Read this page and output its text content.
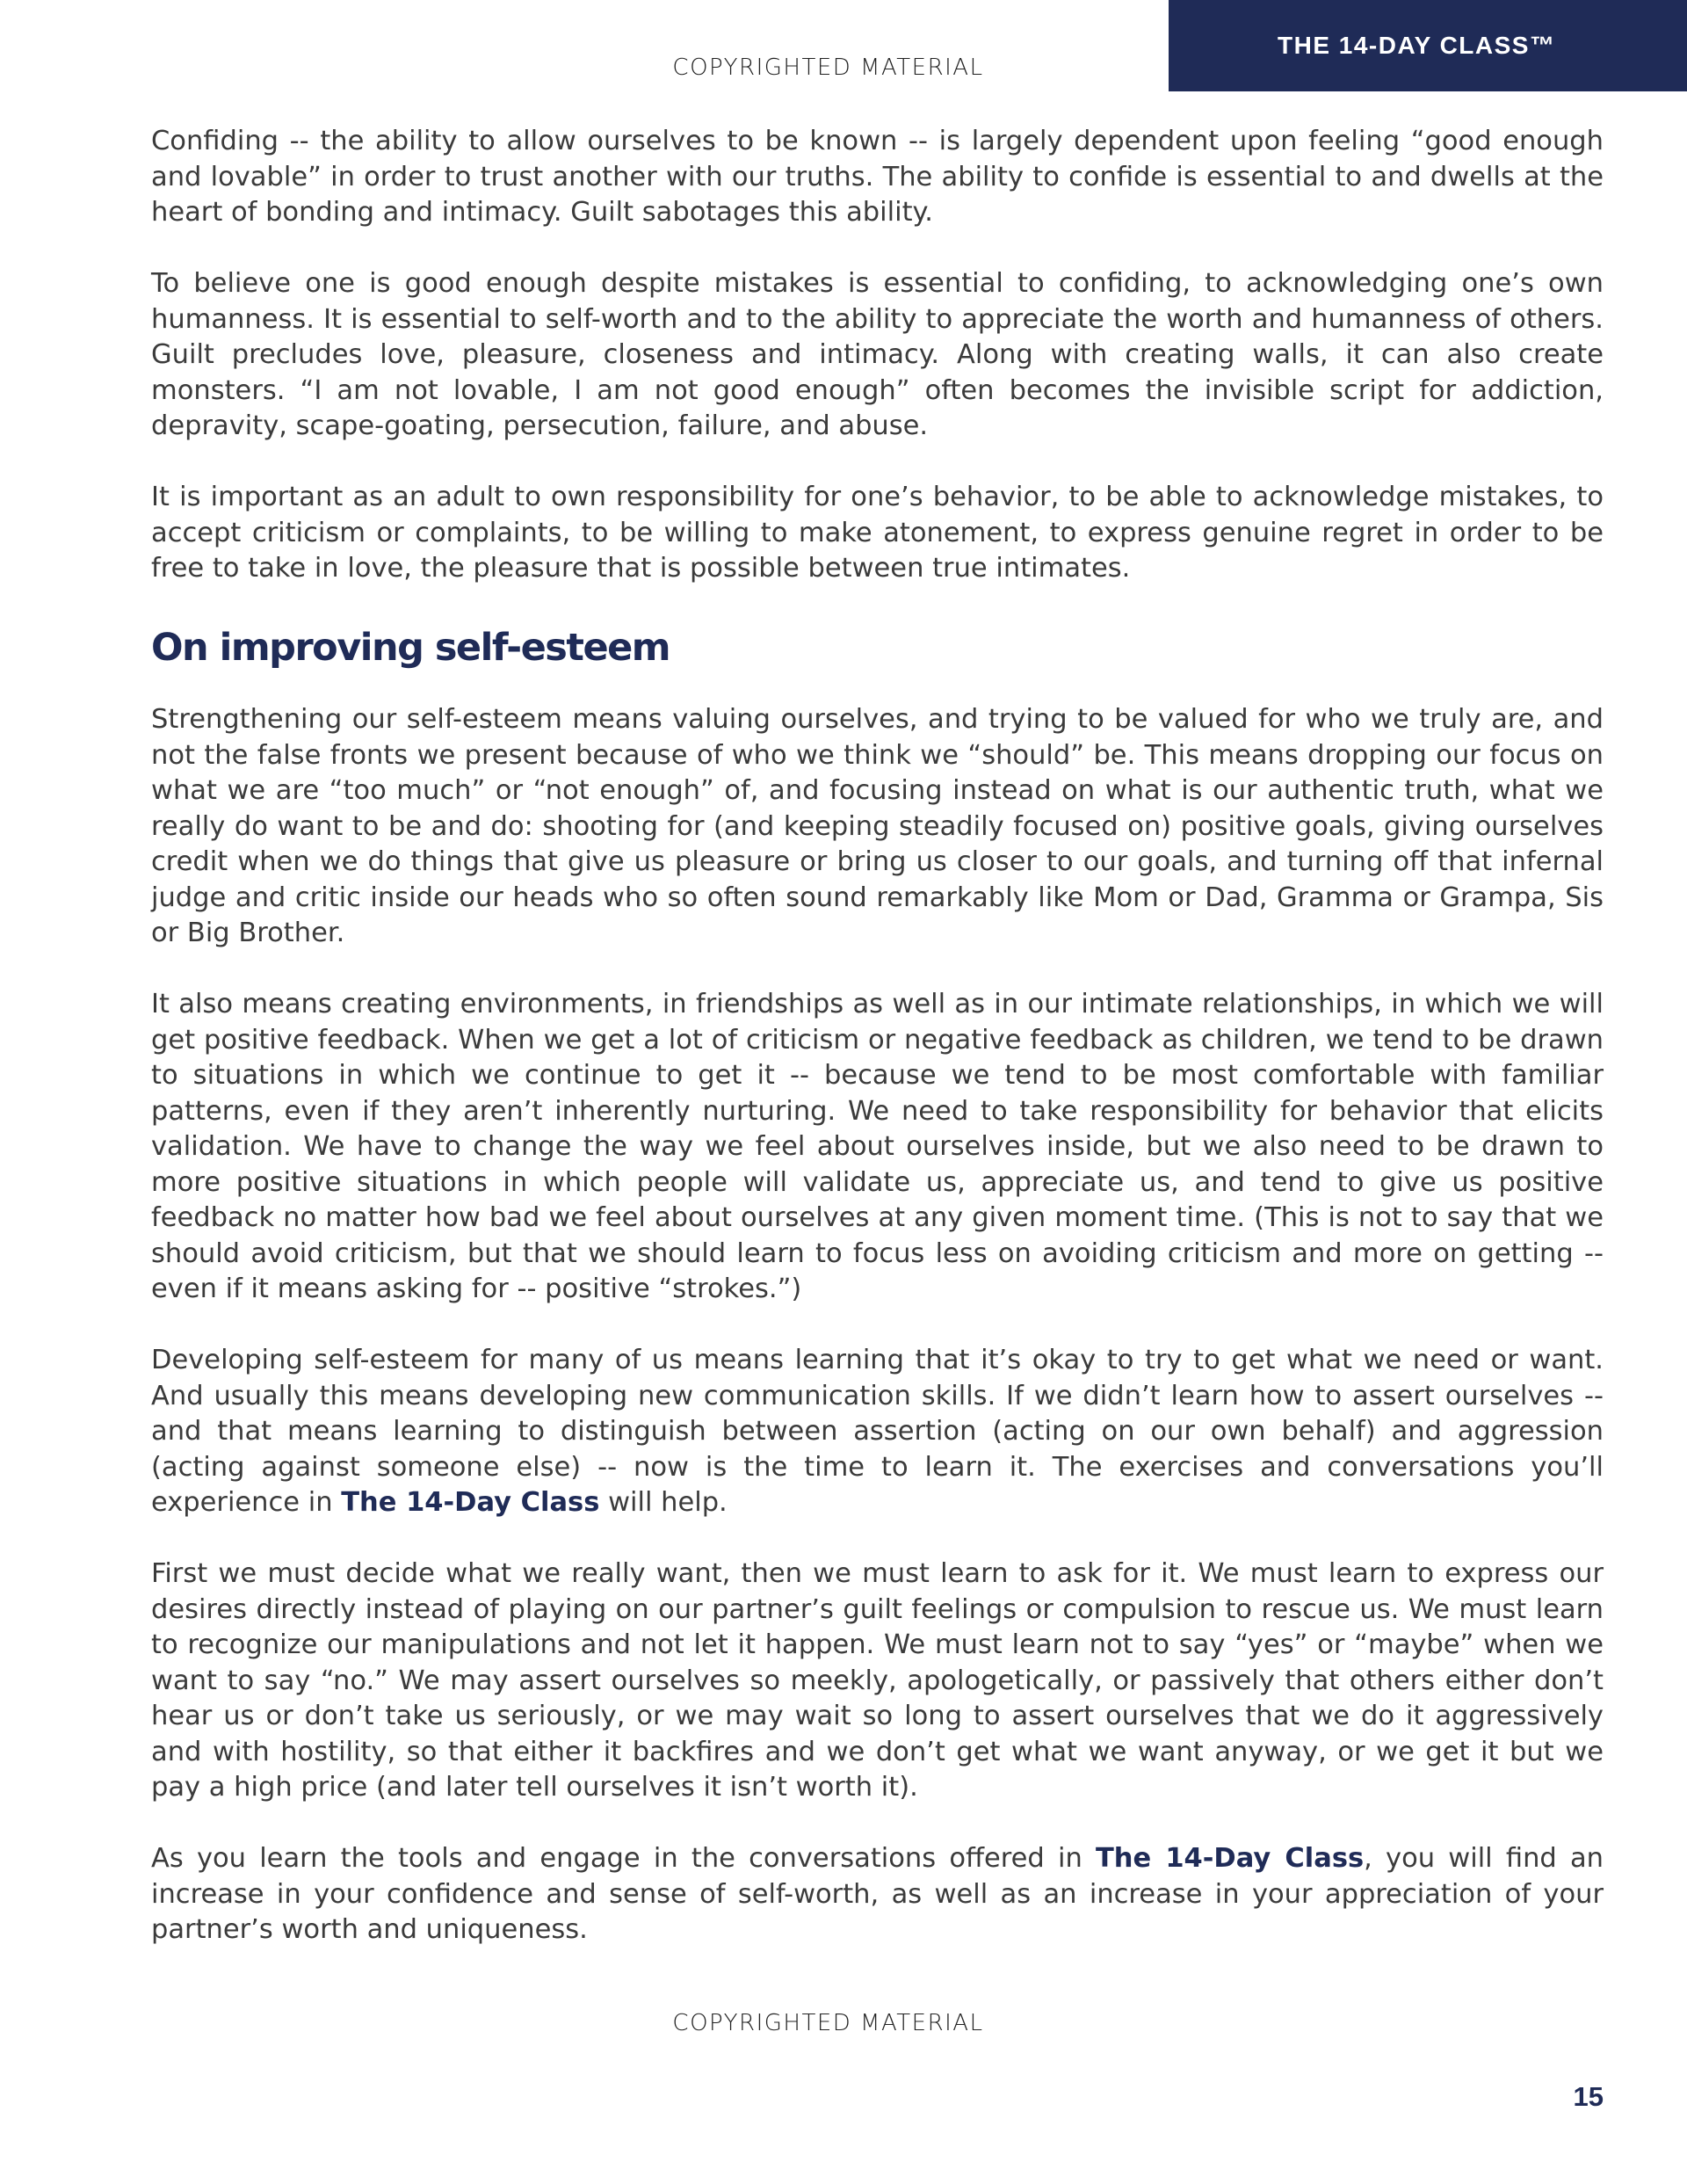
THE 14-DAY CLASS™
COPYRIGHTED MATERIAL

Confiding -- the ability to allow ourselves to be known -- is largely dependent upon feeling “good enough and lovable” in order to trust another with our truths. The ability to confide is essential to and dwells at the heart of bonding and intimacy. Guilt sabotages this ability.

To believe one is good enough despite mistakes is essential to confiding, to acknowledging one’s own humanness. It is essential to self-worth and to the ability to appreciate the worth and humanness of others. Guilt precludes love, pleasure, closeness and intimacy. Along with creating walls, it can also create monsters. “I am not lovable, I am not good enough” often becomes the invisible script for addiction, depravity, scape-goating, persecution, failure, and abuse.

It is important as an adult to own responsibility for one’s behavior, to be able to acknowledge mistakes, to accept criticism or complaints, to be willing to make atonement, to express genuine regret in order to be free to take in love, the pleasure that is possible between true intimates.

On improving self-esteem

Strengthening our self-esteem means valuing ourselves, and trying to be valued for who we truly are, and not the false fronts we present because of who we think we “should” be. This means dropping our focus on what we are “too much” or “not enough” of, and focusing instead on what is our authentic truth, what we really do want to be and do: shooting for (and keeping steadily focused on) positive goals, giving ourselves credit when we do things that give us pleasure or bring us closer to our goals, and turning off that infernal judge and critic inside our heads who so often sound remarkably like Mom or Dad, Gramma or Grampa, Sis or Big Brother.

It also means creating environments, in friendships as well as in our intimate relationships, in which we will get positive feedback. When we get a lot of criticism or negative feedback as children, we tend to be drawn to situations in which we continue to get it -- because we tend to be most comfortable with familiar patterns, even if they aren’t inherently nurturing. We need to take responsibility for behavior that elicits validation. We have to change the way we feel about ourselves inside, but we also need to be drawn to more positive situations in which people will validate us, appreciate us, and tend to give us positive feedback no matter how bad we feel about ourselves at any given moment time. (This is not to say that we should avoid criticism, but that we should learn to focus less on avoiding criticism and more on getting -- even if it means asking for -- positive “strokes.”)

Developing self-esteem for many of us means learning that it’s okay to try to get what we need or want. And usually this means developing new communication skills. If we didn’t learn how to assert ourselves -- and that means learning to distinguish between assertion (acting on our own behalf) and aggression (acting against someone else) -- now is the time to learn it. The exercises and conversations you’ll experience in The 14-Day Class will help.

First we must decide what we really want, then we must learn to ask for it. We must learn to express our desires directly instead of playing on our partner’s guilt feelings or compulsion to rescue us. We must learn to recognize our manipulations and not let it happen. We must learn not to say “yes” or “maybe” when we want to say “no.” We may assert ourselves so meekly, apologetically, or passively that others either don’t hear us or don’t take us seriously, or we may wait so long to assert ourselves that we do it aggressively and with hostility, so that either it backfires and we don’t get what we want anyway, or we get it but we pay a high price (and later tell ourselves it isn’t worth it).

As you learn the tools and engage in the conversations offered in The 14-Day Class, you will find an increase in your confidence and sense of self-worth, as well as an increase in your appreciation of your partner’s worth and uniqueness.

COPYRIGHTED MATERIAL
15
